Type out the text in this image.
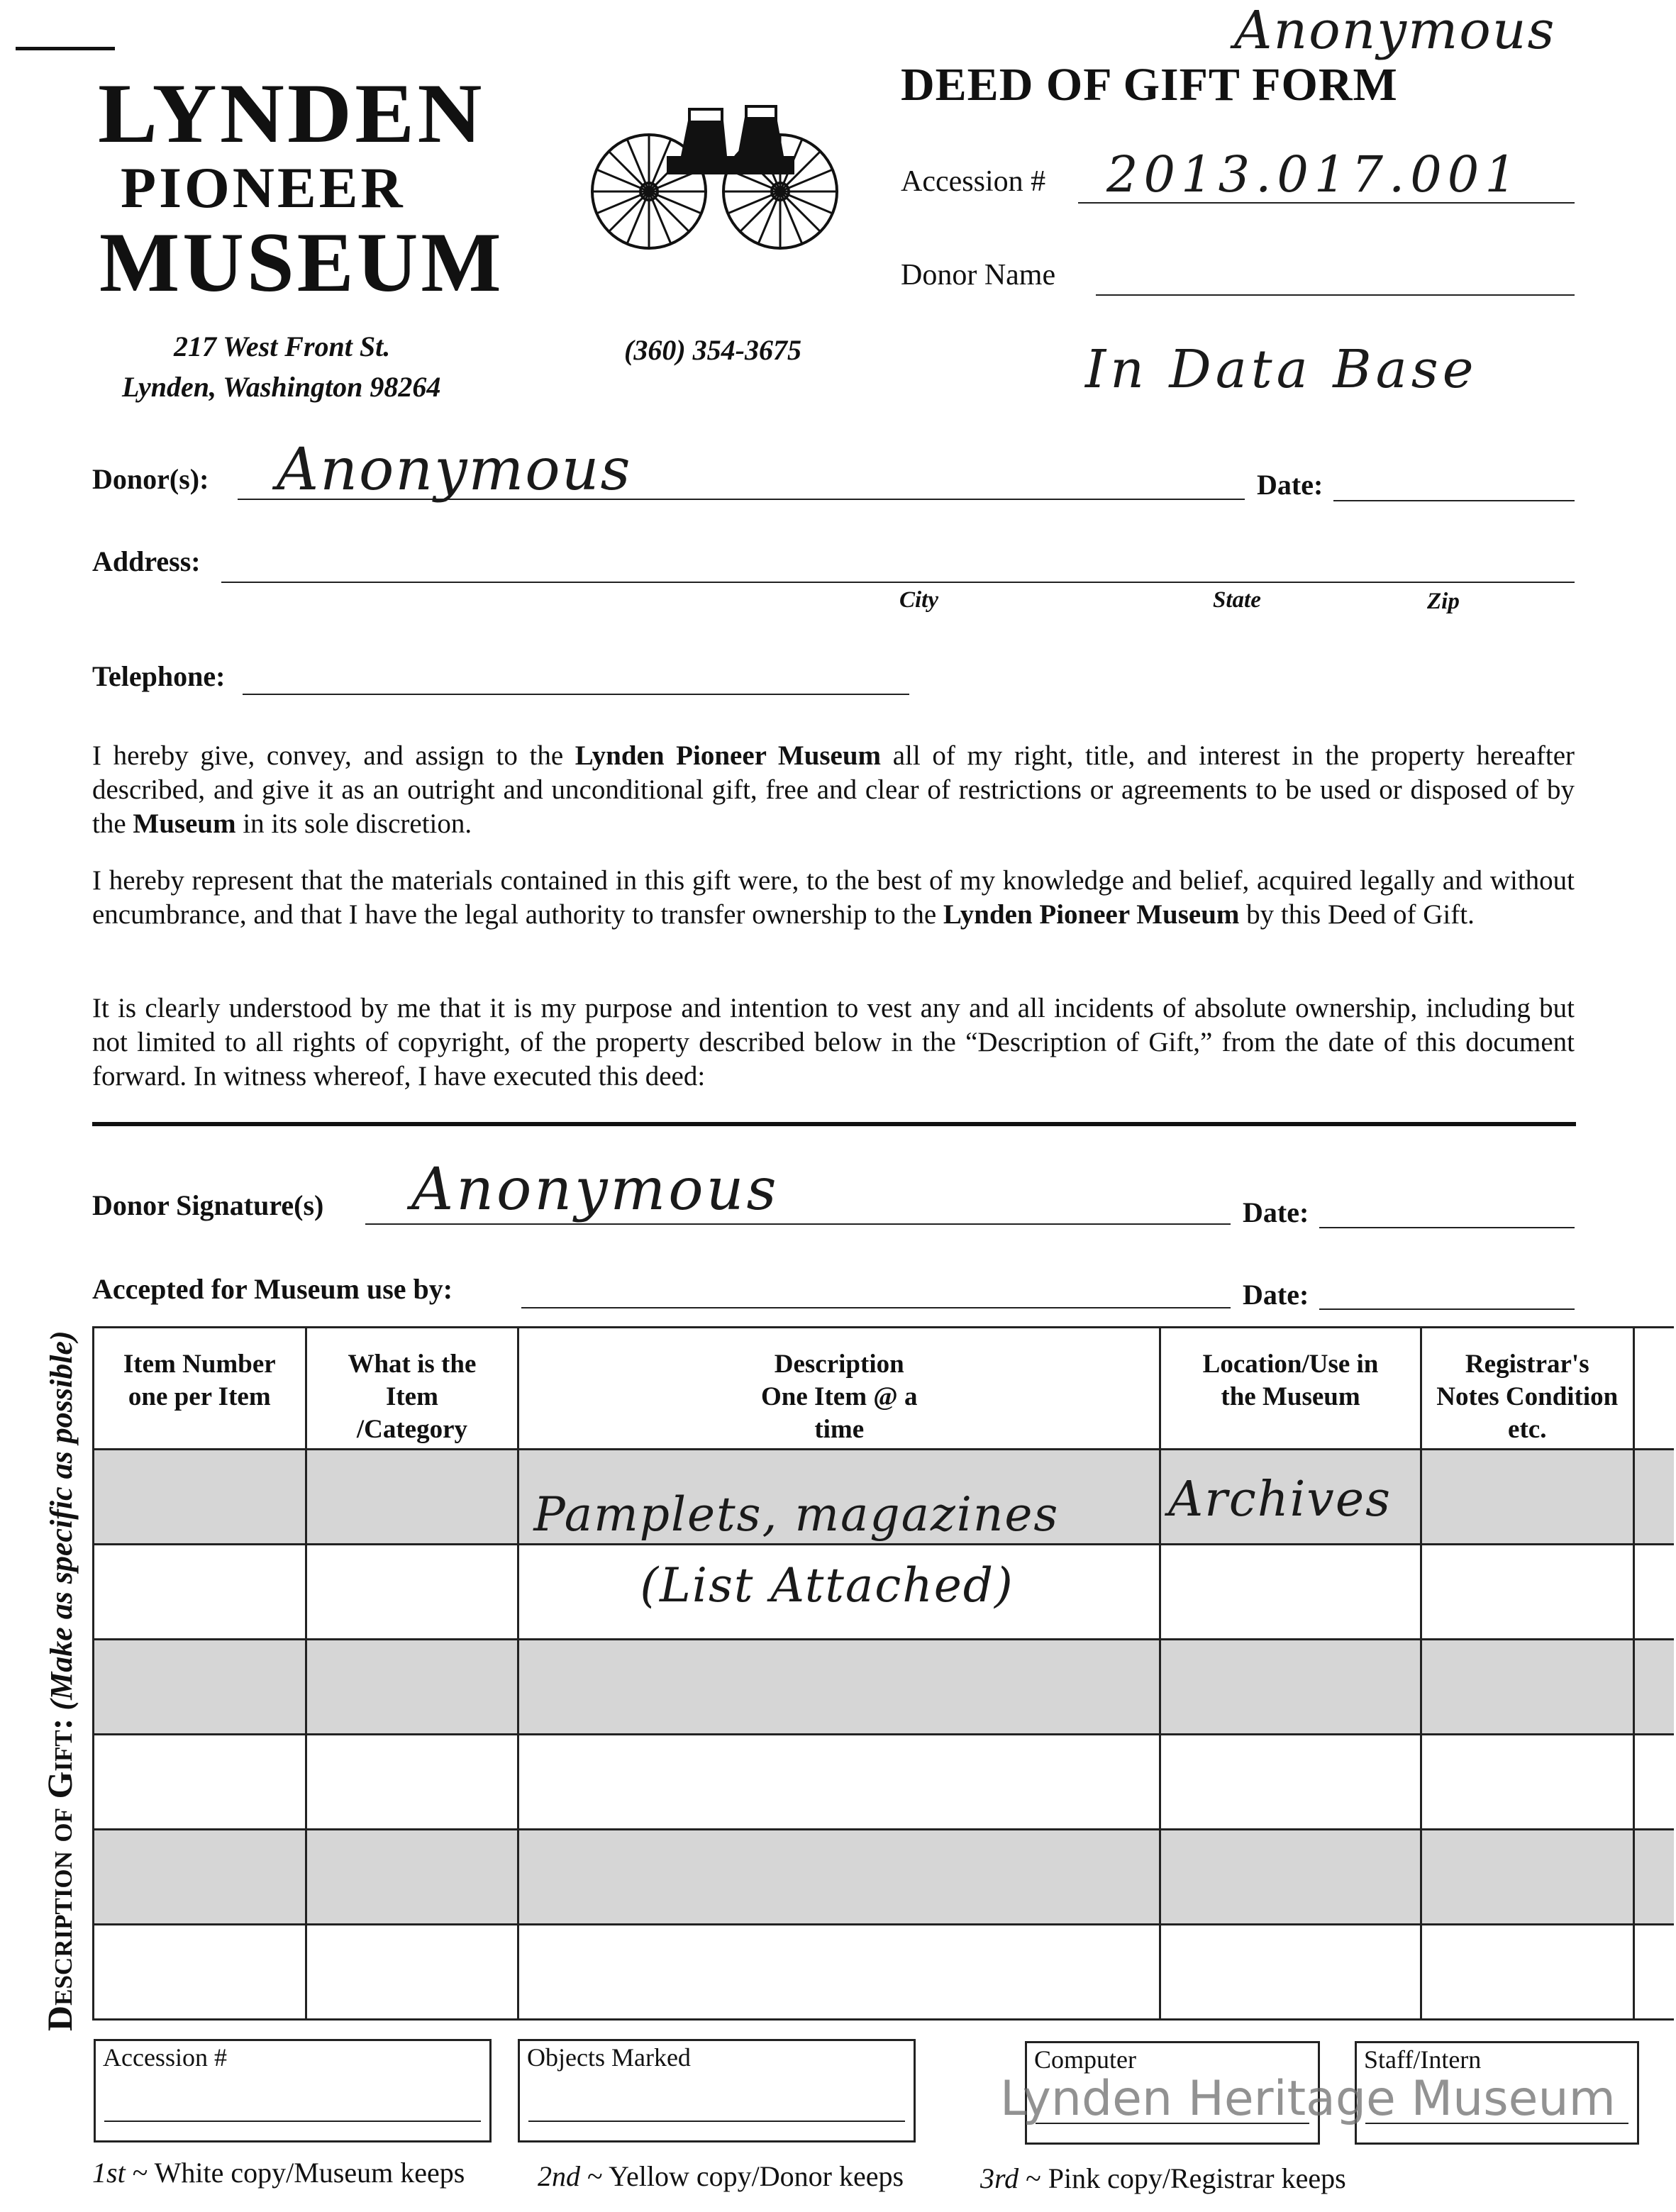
LYNDEN
PIONEER
MUSEUM
217 West Front St.
Lynden, Washington 98264
(360) 354-3675
DEED OF GIFT FORM
Anonymous
Accession # 2013.017.001
Donor Name
In Data Base
Donor(s): Anonymous	Date:
Address:
City	State	Zip
Telephone:
I hereby give, convey, and assign to the Lynden Pioneer Museum all of my right, title, and interest in the property hereafter described, and give it as an outright and unconditional gift, free and clear of restrictions or agreements to be used or disposed of by the Museum in its sole discretion.
I hereby represent that the materials contained in this gift were, to the best of my knowledge and belief, acquired legally and without encumbrance, and that I have the legal authority to transfer ownership to the Lynden Pioneer Museum by this Deed of Gift.
It is clearly understood by me that it is my purpose and intention to vest any and all incidents of absolute ownership, including but not limited to all rights of copyright, of the property described below in the “Description of Gift,” from the date of this document forward. In witness whereof, I have executed this deed:
Donor Signature(s) Anonymous	Date:
Accepted for Museum use by:	Date:
Description of Gift: (Make as specific as possible) Item Number one per Item	What is the Item /Category	Description One Item @ a time	Location/Use in the Museum	Registrar's Notes Condition etc.	

		Pamplets, magazines	Archives		

		(List Attached)			

Accession #	Objects Marked	Computer	Staff/Intern
Lynden Heritage Museum
1st ~ White copy/Museum keeps	2nd ~ Yellow copy/Donor keeps	3rd ~ Pink copy/Registrar keeps
